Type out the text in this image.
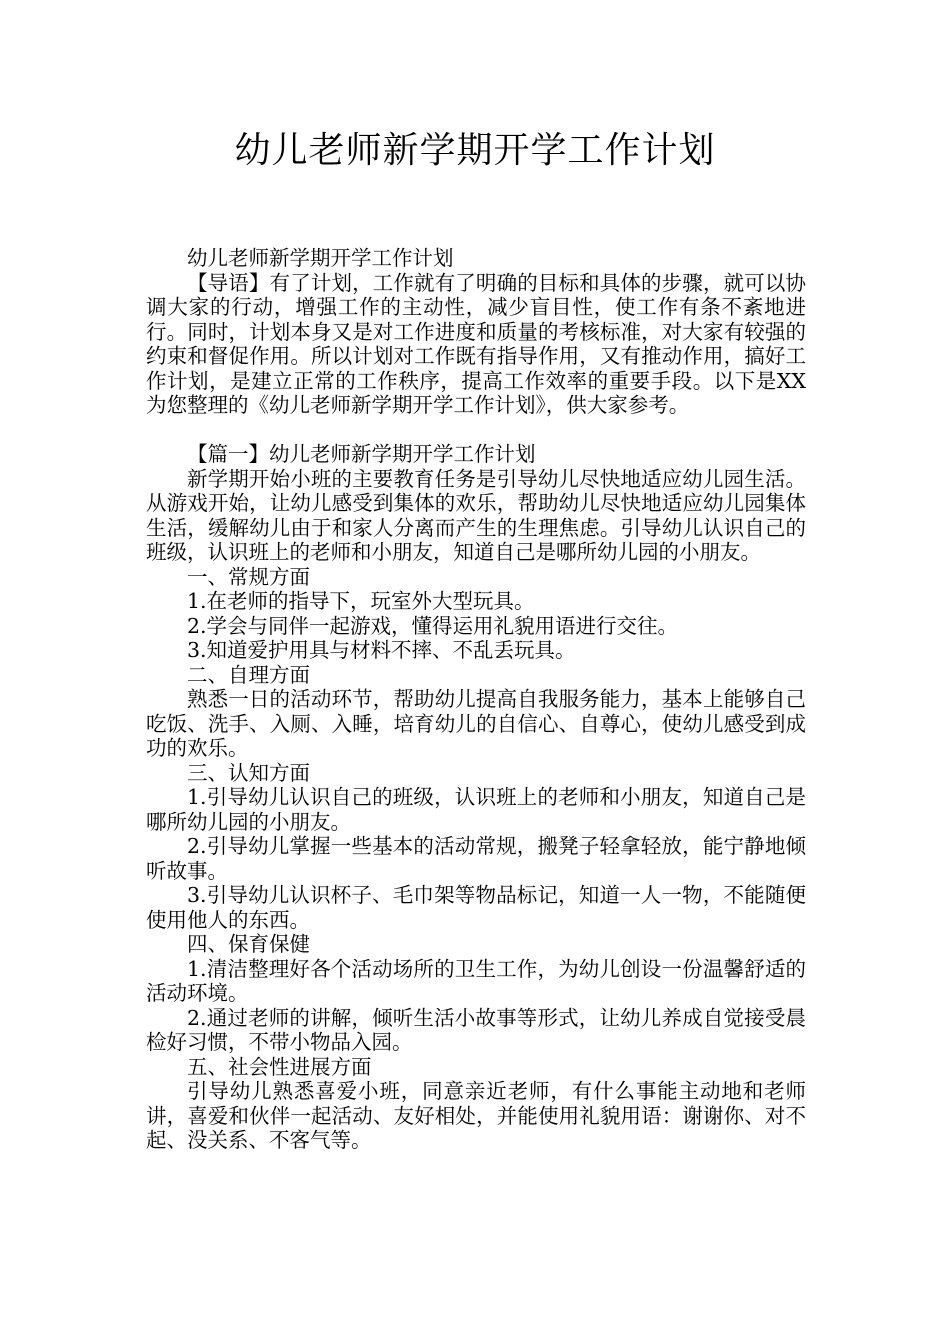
幼儿老师新学期开学工作计划

幼儿老师新学期开学工作计划

【导语】有了计划，工作就有了明确的目标和具体的步骤，就可以协调大家的行动，增强工作的主动性，减少盲目性，使工作有条不紊地进行。同时，计划本身又是对工作进度和质量的考核标准，对大家有较强的约束和督促作用。所以计划对工作既有指导作用，又有推动作用，搞好工作计划，是建立正常的工作秩序，提高工作效率的重要手段。以下是XX为您整理的《幼儿老师新学期开学工作计划》，供大家参考。

【篇一】幼儿老师新学期开学工作计划

新学期开始小班的主要教育任务是引导幼儿尽快地适应幼儿园生活。从游戏开始，让幼儿感受到集体的欢乐，帮助幼儿尽快地适应幼儿园集体生活，缓解幼儿由于和家人分离而产生的生理焦虑。引导幼儿认识自己的班级，认识班上的老师和小朋友，知道自己是哪所幼儿园的小朋友。

一、常规方面

1.在老师的指导下，玩室外大型玩具。

2.学会与同伴一起游戏，懂得运用礼貌用语进行交往。

3.知道爱护用具与材料不摔、不乱丢玩具。

二、自理方面

熟悉一日的活动环节，帮助幼儿提高自我服务能力，基本上能够自己吃饭、洗手、入厕、入睡，培育幼儿的自信心、自尊心，使幼儿感受到成功的欢乐。

三、认知方面

1.引导幼儿认识自己的班级，认识班上的老师和小朋友，知道自己是哪所幼儿园的小朋友。

2.引导幼儿掌握一些基本的活动常规，搬凳子轻拿轻放，能宁静地倾听故事。

3.引导幼儿认识杯子、毛巾架等物品标记，知道一人一物，不能随便使用他人的东西。

四、保育保健

1.清洁整理好各个活动场所的卫生工作，为幼儿创设一份温馨舒适的活动环境。

2.通过老师的讲解，倾听生活小故事等形式，让幼儿养成自觉接受晨检好习惯，不带小物品入园。

五、社会性进展方面

引导幼儿熟悉喜爱小班，同意亲近老师，有什么事能主动地和老师讲，喜爱和伙伴一起活动、友好相处，并能使用礼貌用语：谢谢你、对不起、没关系、不客气等。
